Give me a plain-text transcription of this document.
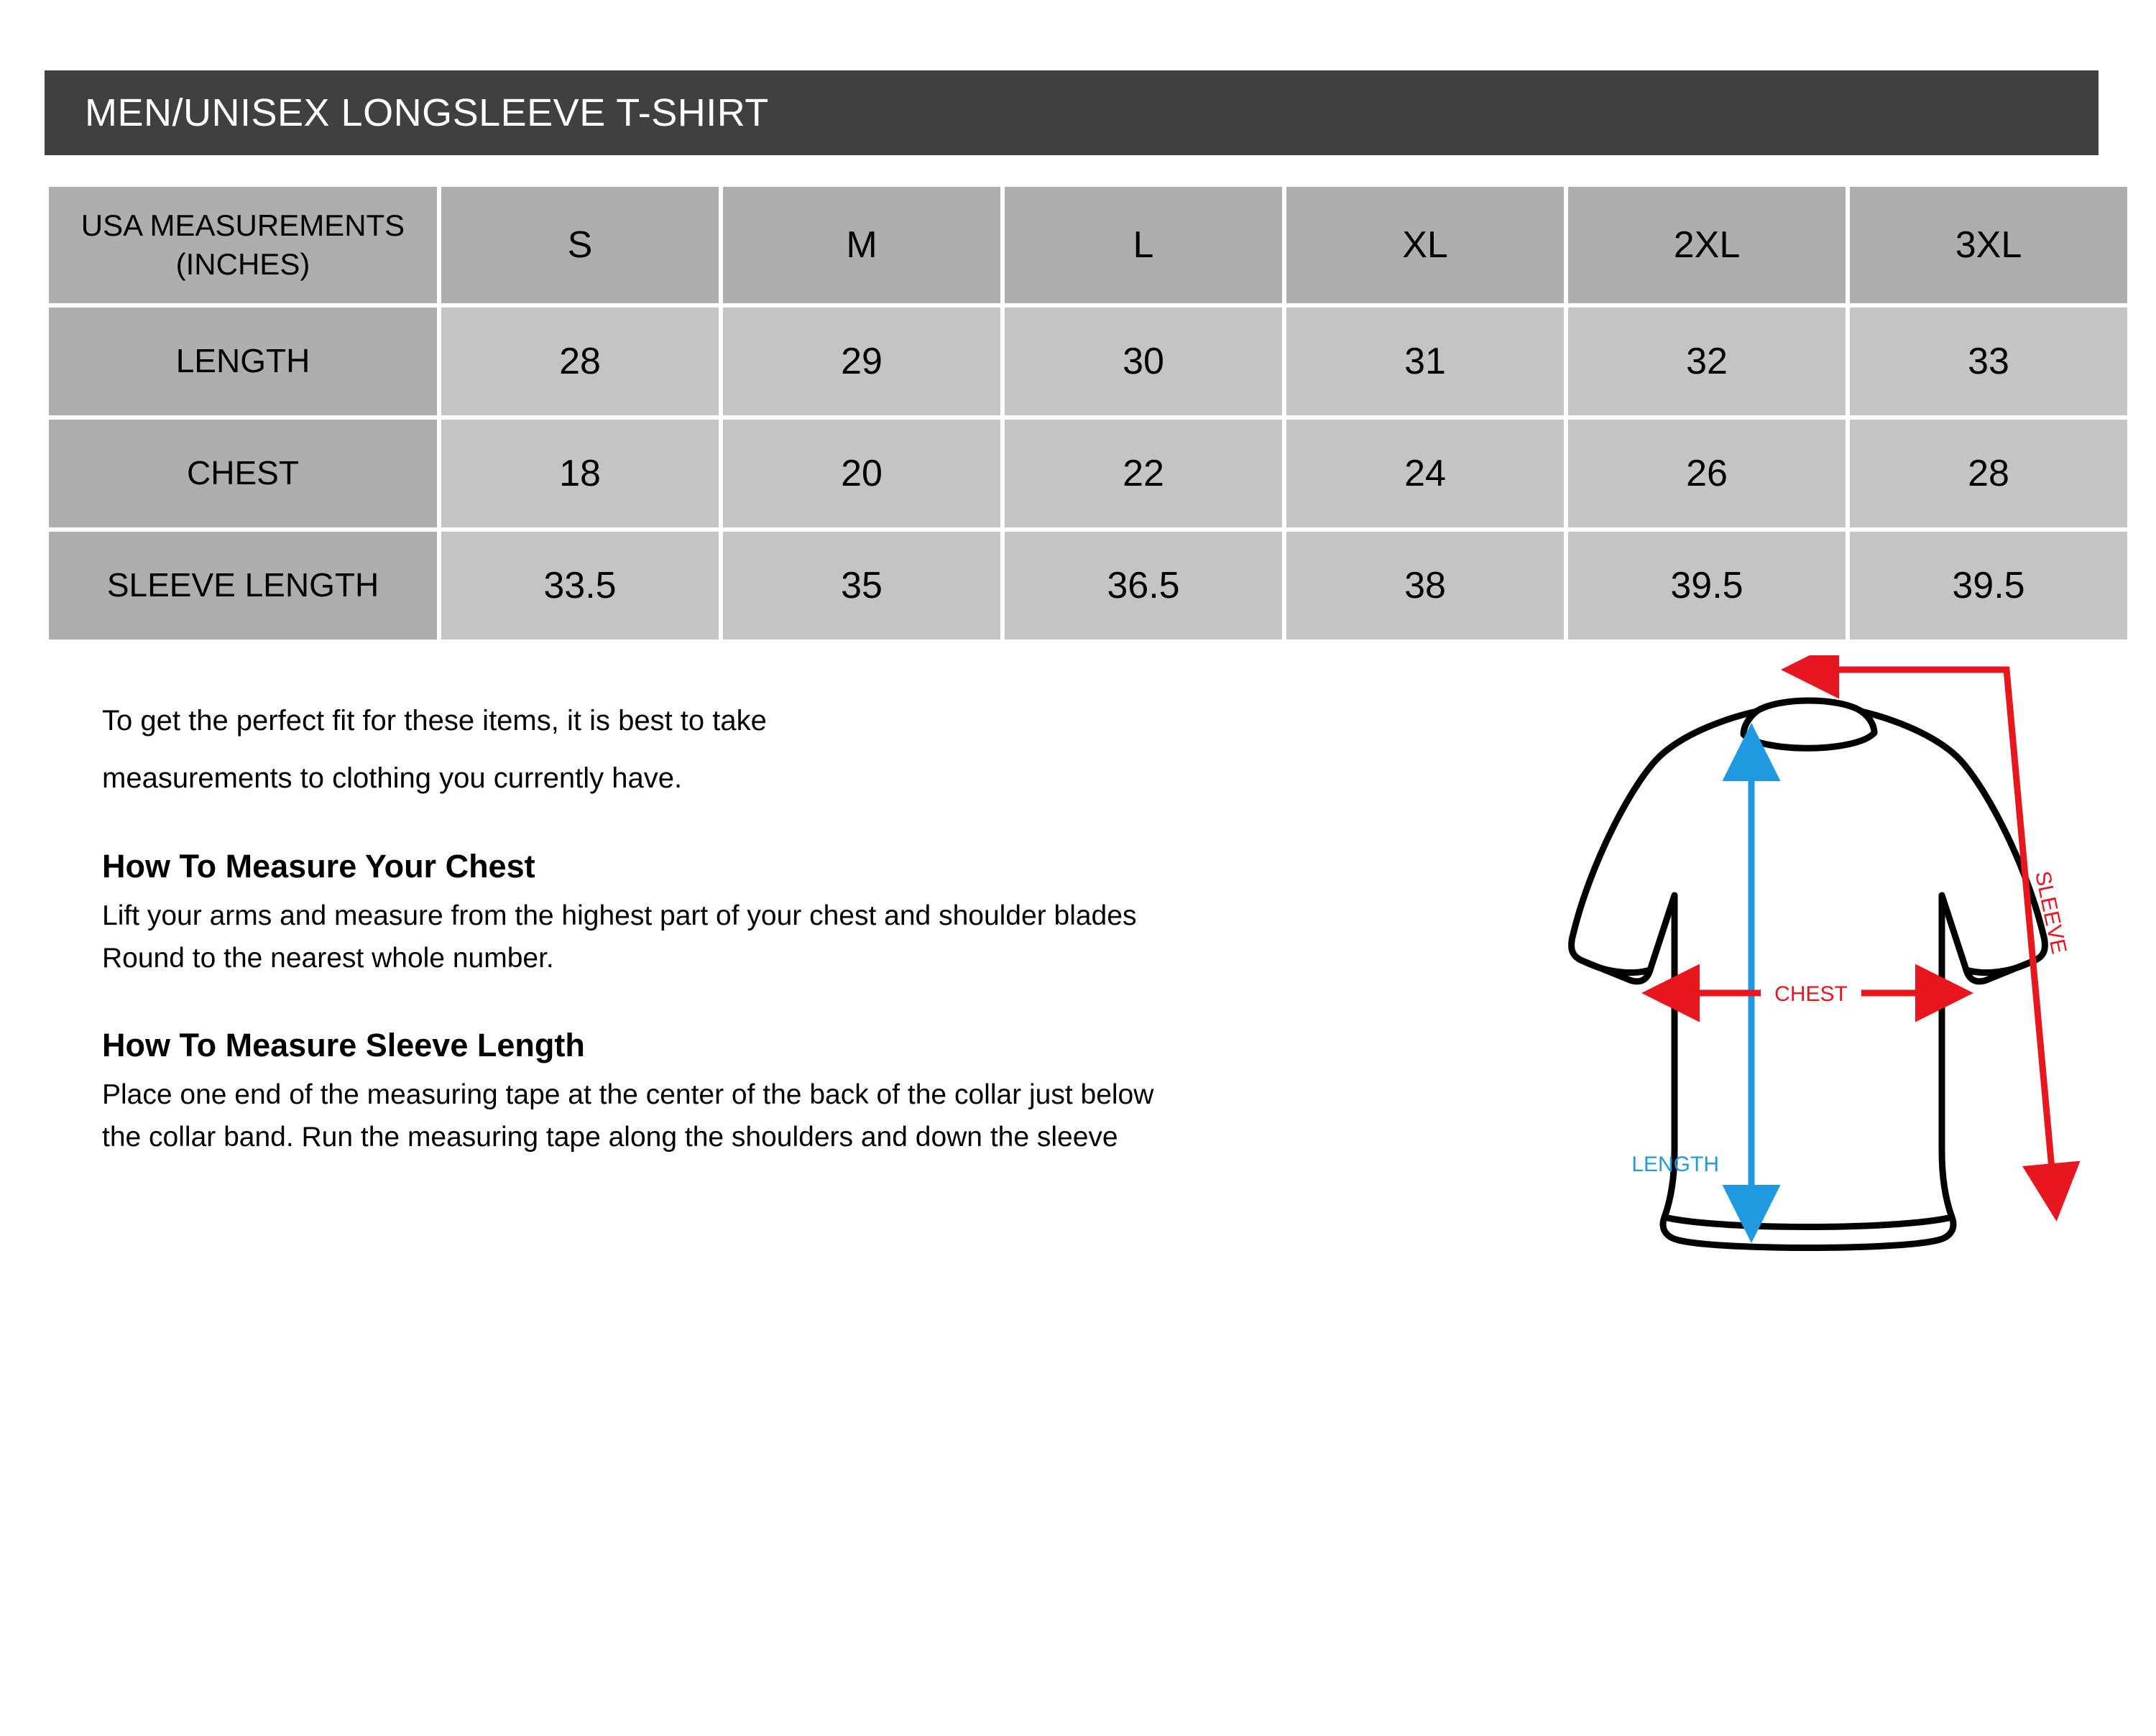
MEN/UNISEX LONGSLEEVE T-SHIRT
USA MEASUREMENTS (INCHES)	S	M	L	XL	2XL	3XL
LENGTH	28	29	30	31	32	33
CHEST	18	20	22	24	26	28
SLEEVE LENGTH	33.5	35	36.5	38	39.5	39.5
To get the perfect fit for these items, it is best to take
measurements to clothing you currently have.
How To Measure Your Chest
Lift your arms and measure from the highest part of your chest and shoulder blades
Round to the nearest whole number.
How To Measure Sleeve Length
Place one end of the measuring tape at the center of the back of the collar just below
the collar band. Run the measuring tape along the shoulders and down the sleeve
LENGTH
CHEST
SLEEVE
